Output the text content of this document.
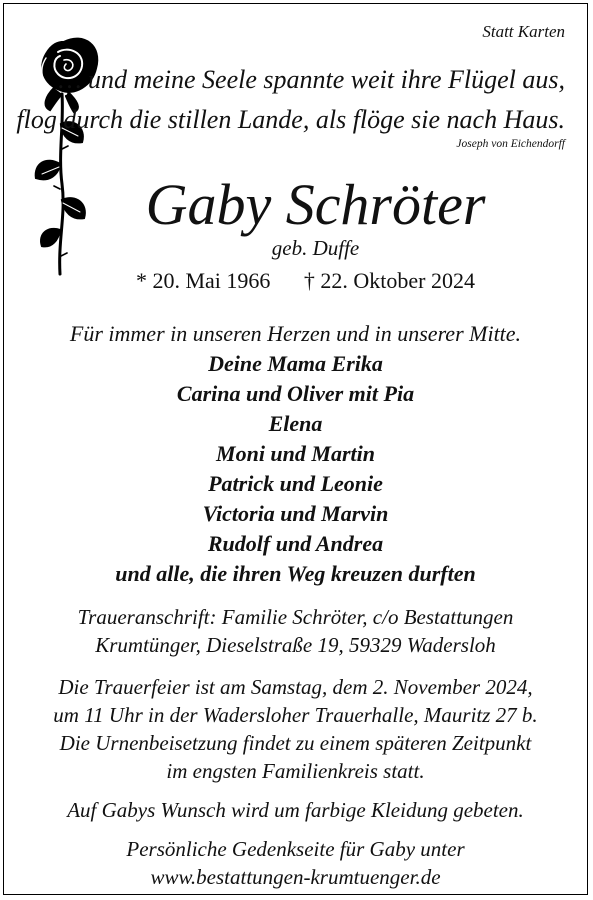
Statt Karten
… und meine Seele spannte weit ihre Flügel aus,
flog durch die stillen Lande, als flöge sie nach Haus.
Joseph von Eichendorff
Gaby Schröter
geb. Duffe
* 20. Mai 1966 † 22. Oktober 2024

Für immer in unseren Herzen und in unserer Mitte.

Deine Mama Erika
Carina und Oliver mit Pia
Elena
Moni und Martin
Patrick und Leonie
Victoria und Marvin
Rudolf und Andrea
und alle, die ihren Weg kreuzen durften
Traueranschrift: Familie Schröter, c/o Bestattungen
Krumtünger, Dieselstraße 19, 59329 Wadersloh
Die Trauerfeier ist am Samstag, dem 2. November 2024,
um 11 Uhr in der Wadersloher Trauerhalle, Mauritz 27 b.
Die Urnenbeisetzung findet zu einem späteren Zeitpunkt
im engsten Familienkreis statt.
Auf Gabys Wunsch wird um farbige Kleidung gebeten.
Persönliche Gedenkseite für Gaby unter
www.bestattungen-krumtuenger.de
